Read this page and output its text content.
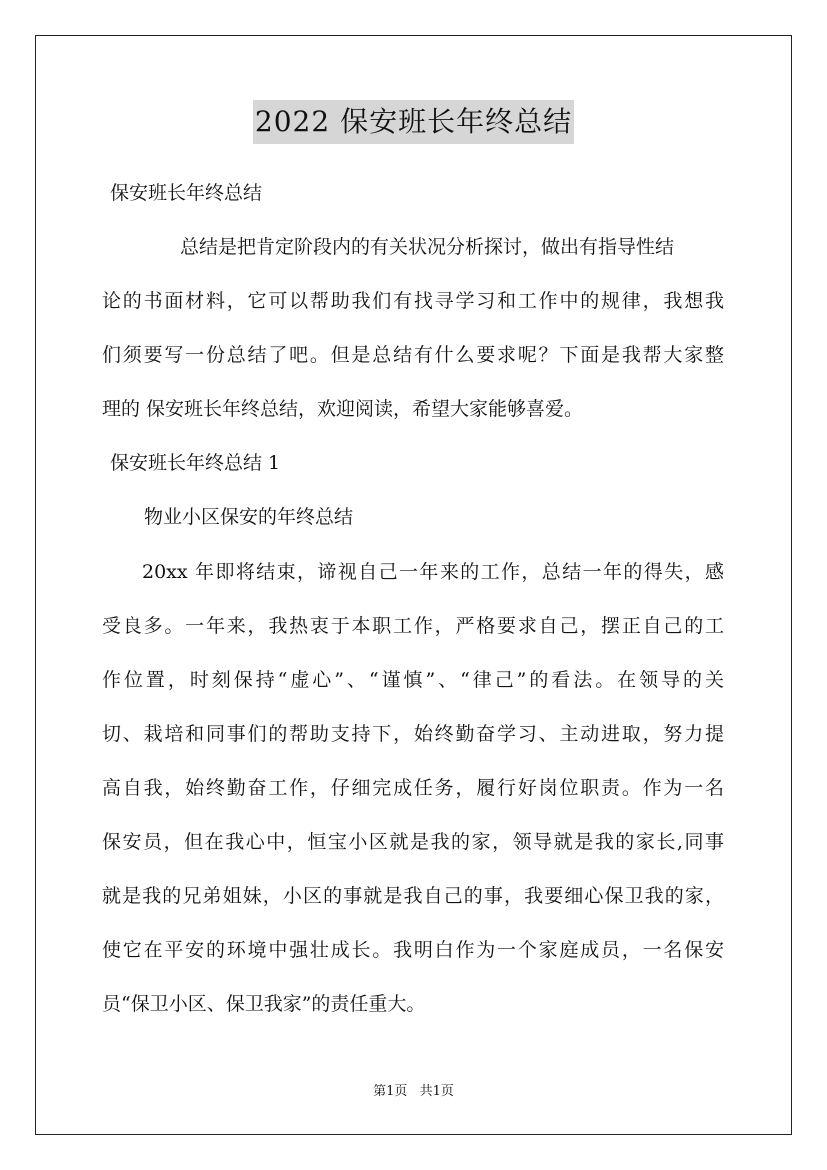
2022 保安班长年终总结
保安班长年终总结
总结是把肯定阶段内的有关状况分析探讨，做出有指导性结
论的书面材料，它可以帮助我们有找寻学习和工作中的规律，我想我
们须要写一份总结了吧。但是总结有什么要求呢？下面是我帮大家整
理的 保安班长年终总结，欢迎阅读，希望大家能够喜爱。
保安班长年终总结 1
物业小区保安的年终总结
20xx 年即将结束，谛视自己一年来的工作，总结一年的得失，感
受良多。一年来，我热衷于本职工作，严格要求自己，摆正自己的工
作位置，时刻保持“虚心”、“谨慎”、“律己”的看法。在领导的关
切、栽培和同事们的帮助支持下，始终勤奋学习、主动进取，努力提
高自我，始终勤奋工作，仔细完成任务，履行好岗位职责。作为一名
保安员，但在我心中，恒宝小区就是我的家，领导就是我的家长,同事
就是我的兄弟姐妹，小区的事就是我自己的事，我要细心保卫我的家，
使它在平安的环境中强壮成长。我明白作为一个家庭成员，一名保安
员“保卫小区、保卫我家”的责任重大。
第1页 共1页
